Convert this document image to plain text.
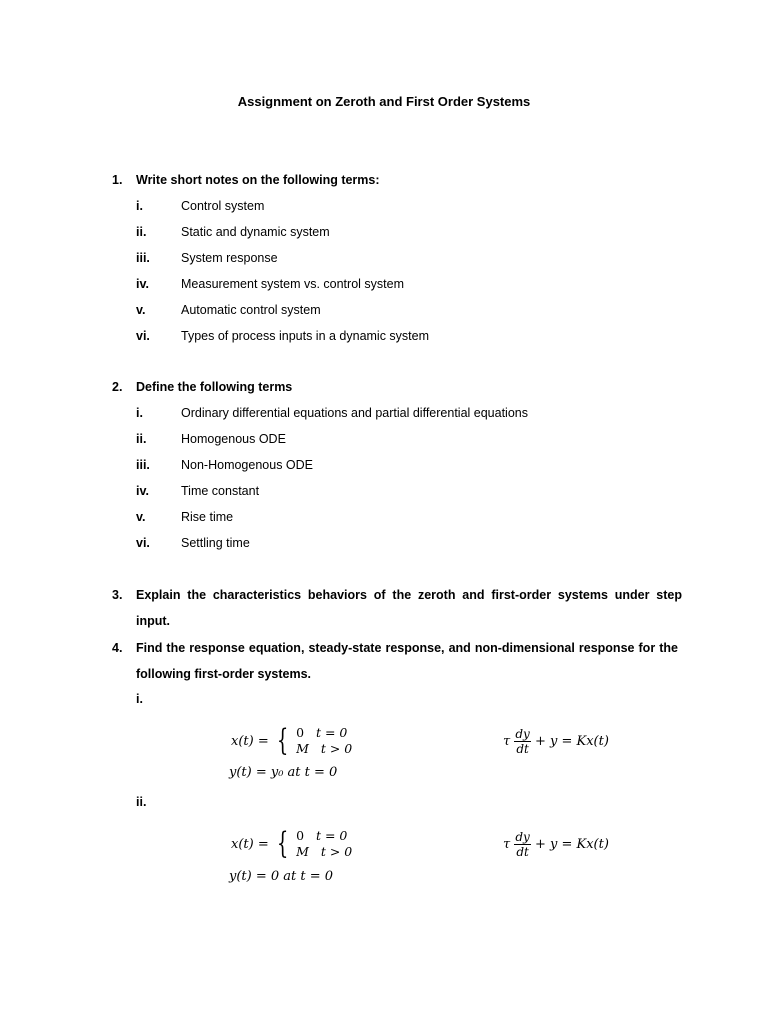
Assignment on Zeroth and First Order Systems
1. Write short notes on the following terms:
i.	Control system
ii.	Static and dynamic system
iii. System response
iv.	Measurement system vs. control system
v.	Automatic control system
vi. Types of process inputs in a dynamic system
2. Define the following terms
i.	Ordinary differential equations and partial differential equations
ii.	Homogenous ODE
iii. Non-Homogenous ODE
iv.	Time constant
v.	Rise time
vi. Settling time
3. Explain the characteristics behaviors of the zeroth and first-order systems under step input.
4. Find the response equation, steady-state response, and non-dimensional response for the following first-order systems.
i.
x(t) = { 0 t = 0
M t > 0
y(t) = y₀ at t = 0
τ $\frac{dy}{dt} + y = Kx(t)$
ii.
x(t) = { 0 t = 0
M t > 0
y(t) = 0 at t = 0
τ $\frac{dy}{dt} + y = Kx(t)$
